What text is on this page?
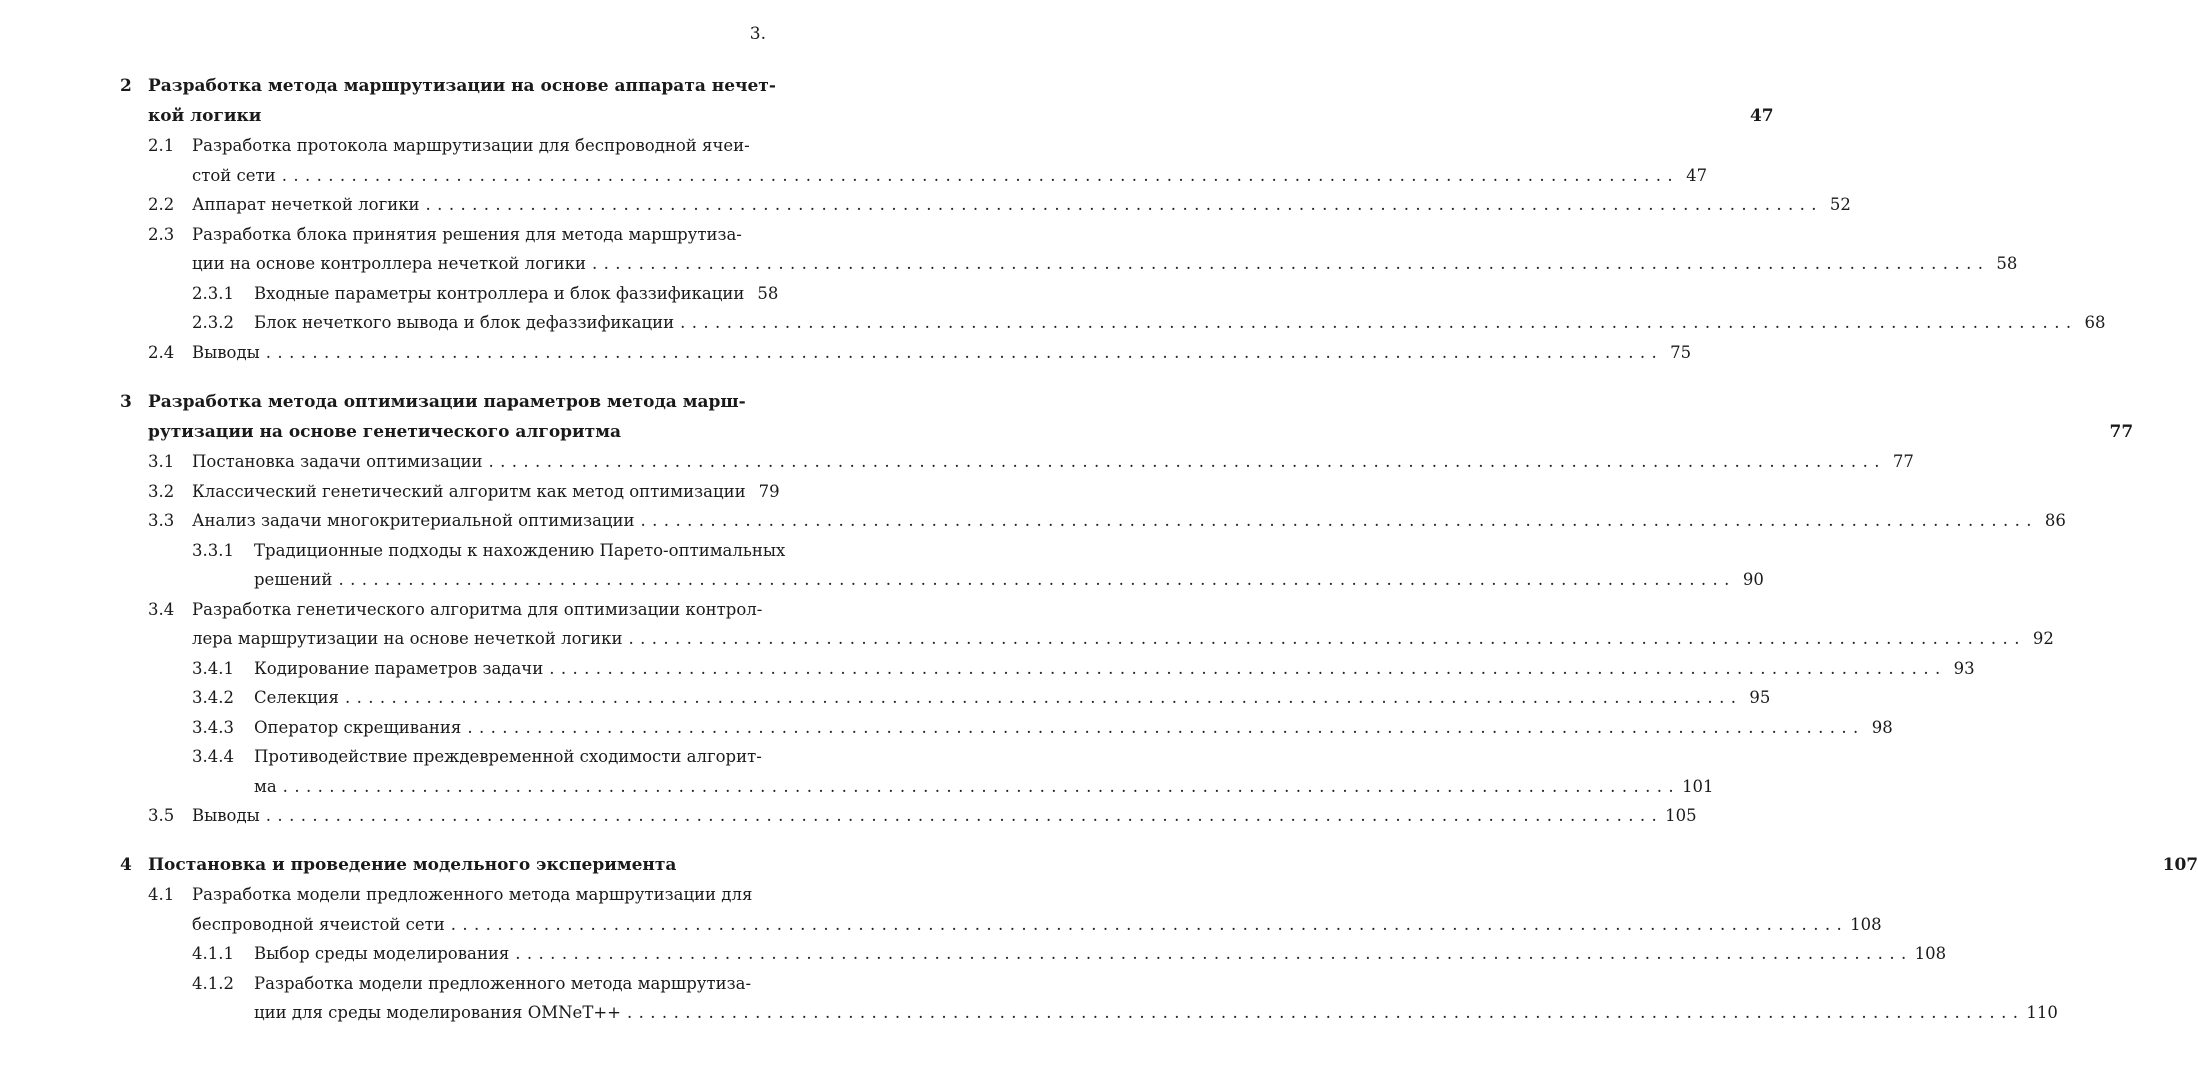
3.
2 Разработка метода маршрутизации на основе аппарата нечет-
кой логики	47
2.1 Разработка протокола маршрутизации для беспроводной ячеи-
стой сети ........................................................................................................................ 47
2.2 Аппарат нечеткой логики ........................................................................................................................ 52
2.3 Разработка блока принятия решения для метода маршрутиза-
ции на основе контроллера нечеткой логики ........................................................................................................................ 58
2.3.1 Входные параметры контроллера и блок фаззификации 58
2.3.2 Блок нечеткого вывода и блок дефаззификации ........................................................................................................................ 68
2.4 Выводы ........................................................................................................................ 75
3 Разработка метода оптимизации параметров метода марш-
рутизации на основе генетического алгоритма	77
3.1 Постановка задачи оптимизации ........................................................................................................................ 77
3.2 Классический генетический алгоритм как метод оптимизации 79
3.3 Анализ задачи многокритериальной оптимизации ........................................................................................................................ 86
3.3.1 Традиционные подходы к нахождению Парето-оптимальных
решений ........................................................................................................................ 90
3.4 Разработка генетического алгоритма для оптимизации контрол-
лера маршрутизации на основе нечеткой логики ........................................................................................................................ 92
3.4.1 Кодирование параметров задачи ........................................................................................................................ 93
3.4.2 Селекция ........................................................................................................................ 95
3.4.3 Оператор скрещивания ........................................................................................................................ 98
3.4.4 Противодействие преждевременной сходимости алгорит-
ма ........................................................................................................................ 101
3.5 Выводы ........................................................................................................................ 105
4 Постановка и проведение модельного эксперимента	107
4.1 Разработка модели предложенного метода маршрутизации для
беспроводной ячеистой сети ........................................................................................................................ 108
4.1.1 Выбор среды моделирования ........................................................................................................................ 108
4.1.2 Разработка модели предложенного метода маршрутиза-
ции для среды моделирования OMNeT++ ........................................................................................................................ 110
